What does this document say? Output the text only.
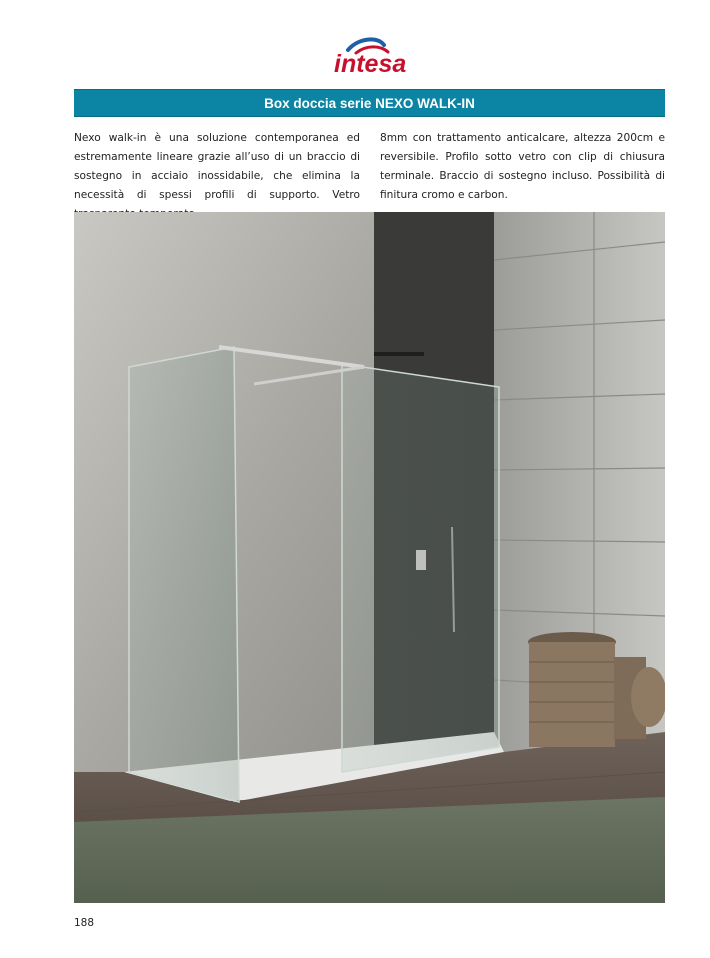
intesa
Box doccia serie NEXO WALK-IN
Nexo walk-in è una soluzione contemporanea ed estremamente lineare grazie all’uso di un braccio di sostegno in acciaio inossidabile, che elimina la necessità di spessi profili di supporto. Vetro
8mm con trattamento anticalcare, altezza 200cm e reversibile. Profilo sotto vetro con clip di chiusura terminale. Braccio di sostegno incluso. Possibilità di finitura cromo e carbon.
188
